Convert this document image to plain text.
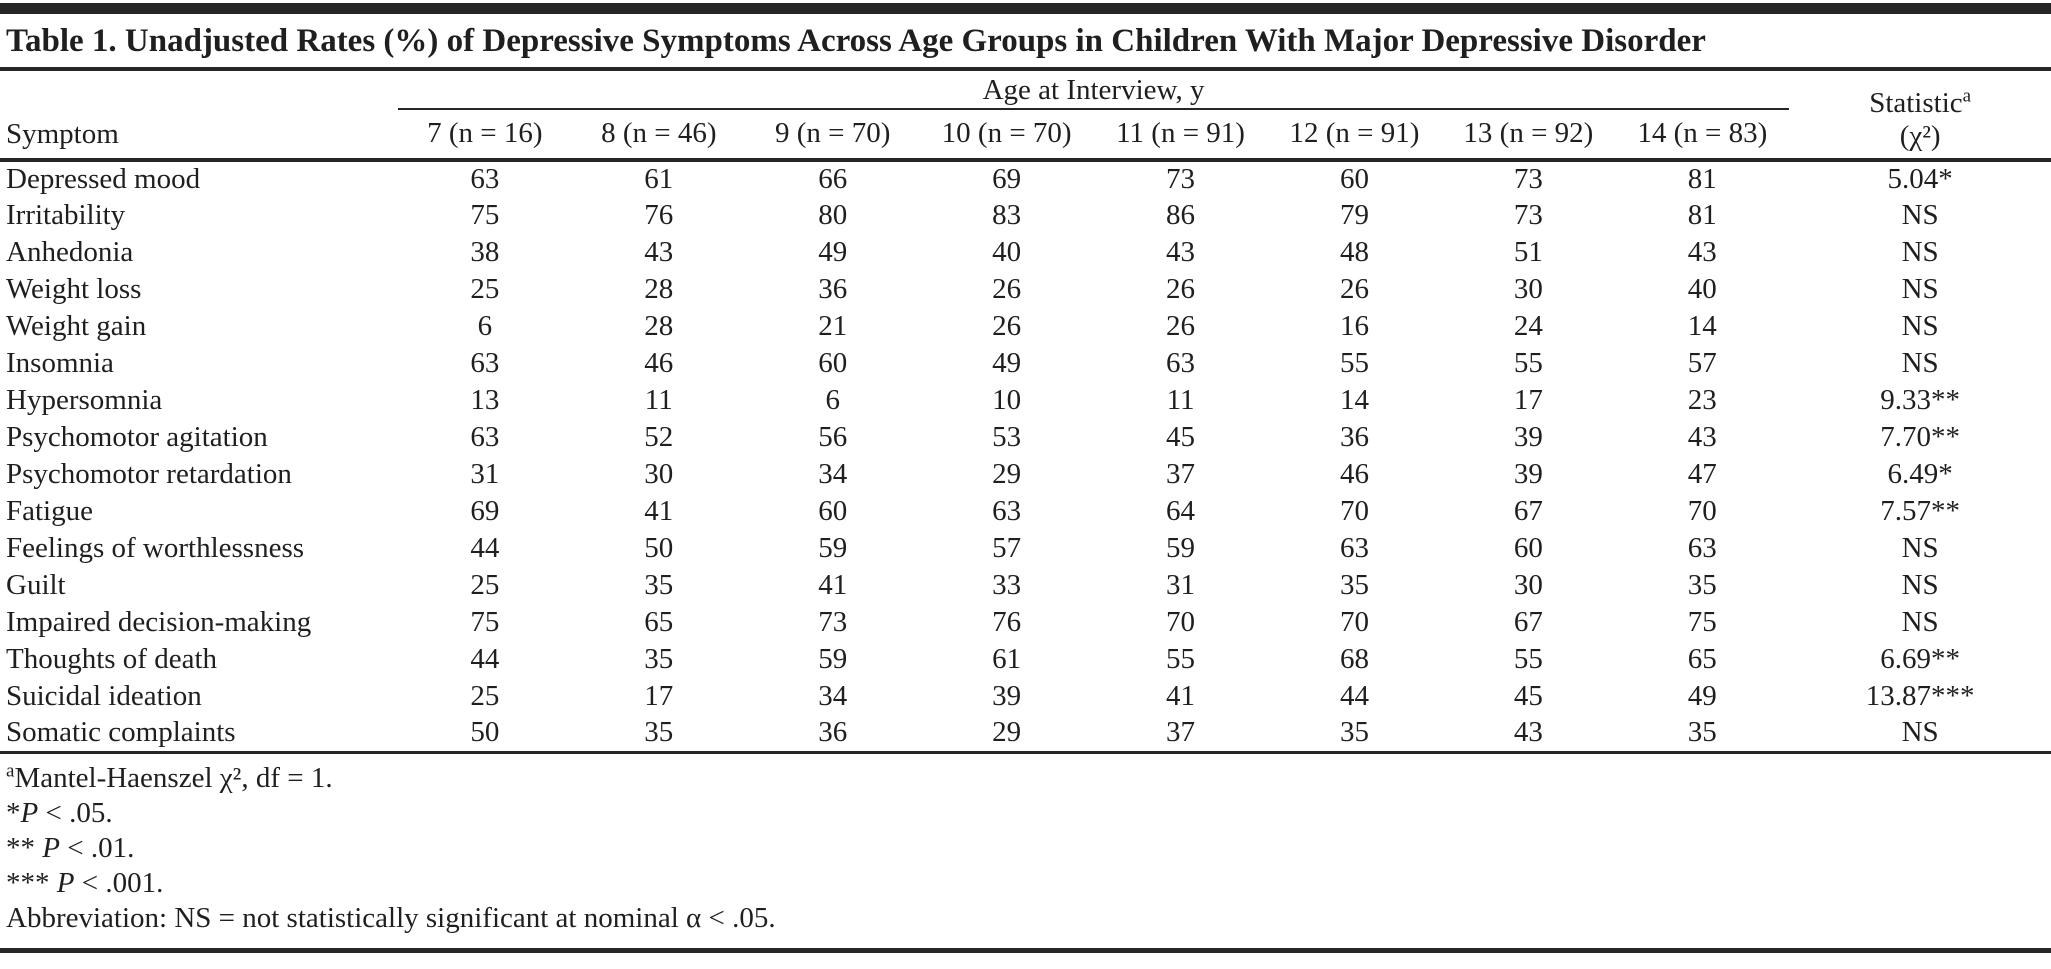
Table 1. Unadjusted Rates (%) of Depressive Symptoms Across Age Groups in Children With Major Depressive Disorder
Symptom	Age at Interview, y								Statistic$^a$
(χ²)

	7 (n = 16)	8 (n = 46)	9 (n = 70)	10 (n = 70)	11 (n = 91)	12 (n = 91)	13 (n = 92)	14 (n = 83)	
Depressed mood	63	61	66	69	73	60	73	81	5.04*
Irritability	75	76	80	83	86	79	73	81	NS
Anhedonia	38	43	49	40	43	48	51	43	NS
Weight loss	25	28	36	26	26	26	30	40	NS
Weight gain	6	28	21	26	26	16	24	14	NS
Insomnia	63	46	60	49	63	55	55	57	NS
Hypersomnia	13	11	6	10	11	14	17	23	9.33**
Psychomotor agitation	63	52	56	53	45	36	39	43	7.70**
Psychomotor retardation	31	30	34	29	37	46	39	47	6.49*
Fatigue	69	41	60	63	64	70	67	70	7.57**
Feelings of worthlessness	44	50	59	57	59	63	60	63	NS
Guilt	25	35	41	33	31	35	30	35	NS
Impaired decision-making	75	65	73	76	70	70	67	75	NS
Thoughts of death	44	35	59	61	55	68	55	65	6.69**
Suicidal ideation	25	17	34	39	41	44	45	49	13.87***
Somatic complaints	50	35	36	29	37	35	43	35	NS
$^a$Mantel-Haenszel χ², df = 1.
*P < .05.
** P < .01.
*** P < .001.
Abbreviation: NS = not statistically significant at nominal α < .05.
